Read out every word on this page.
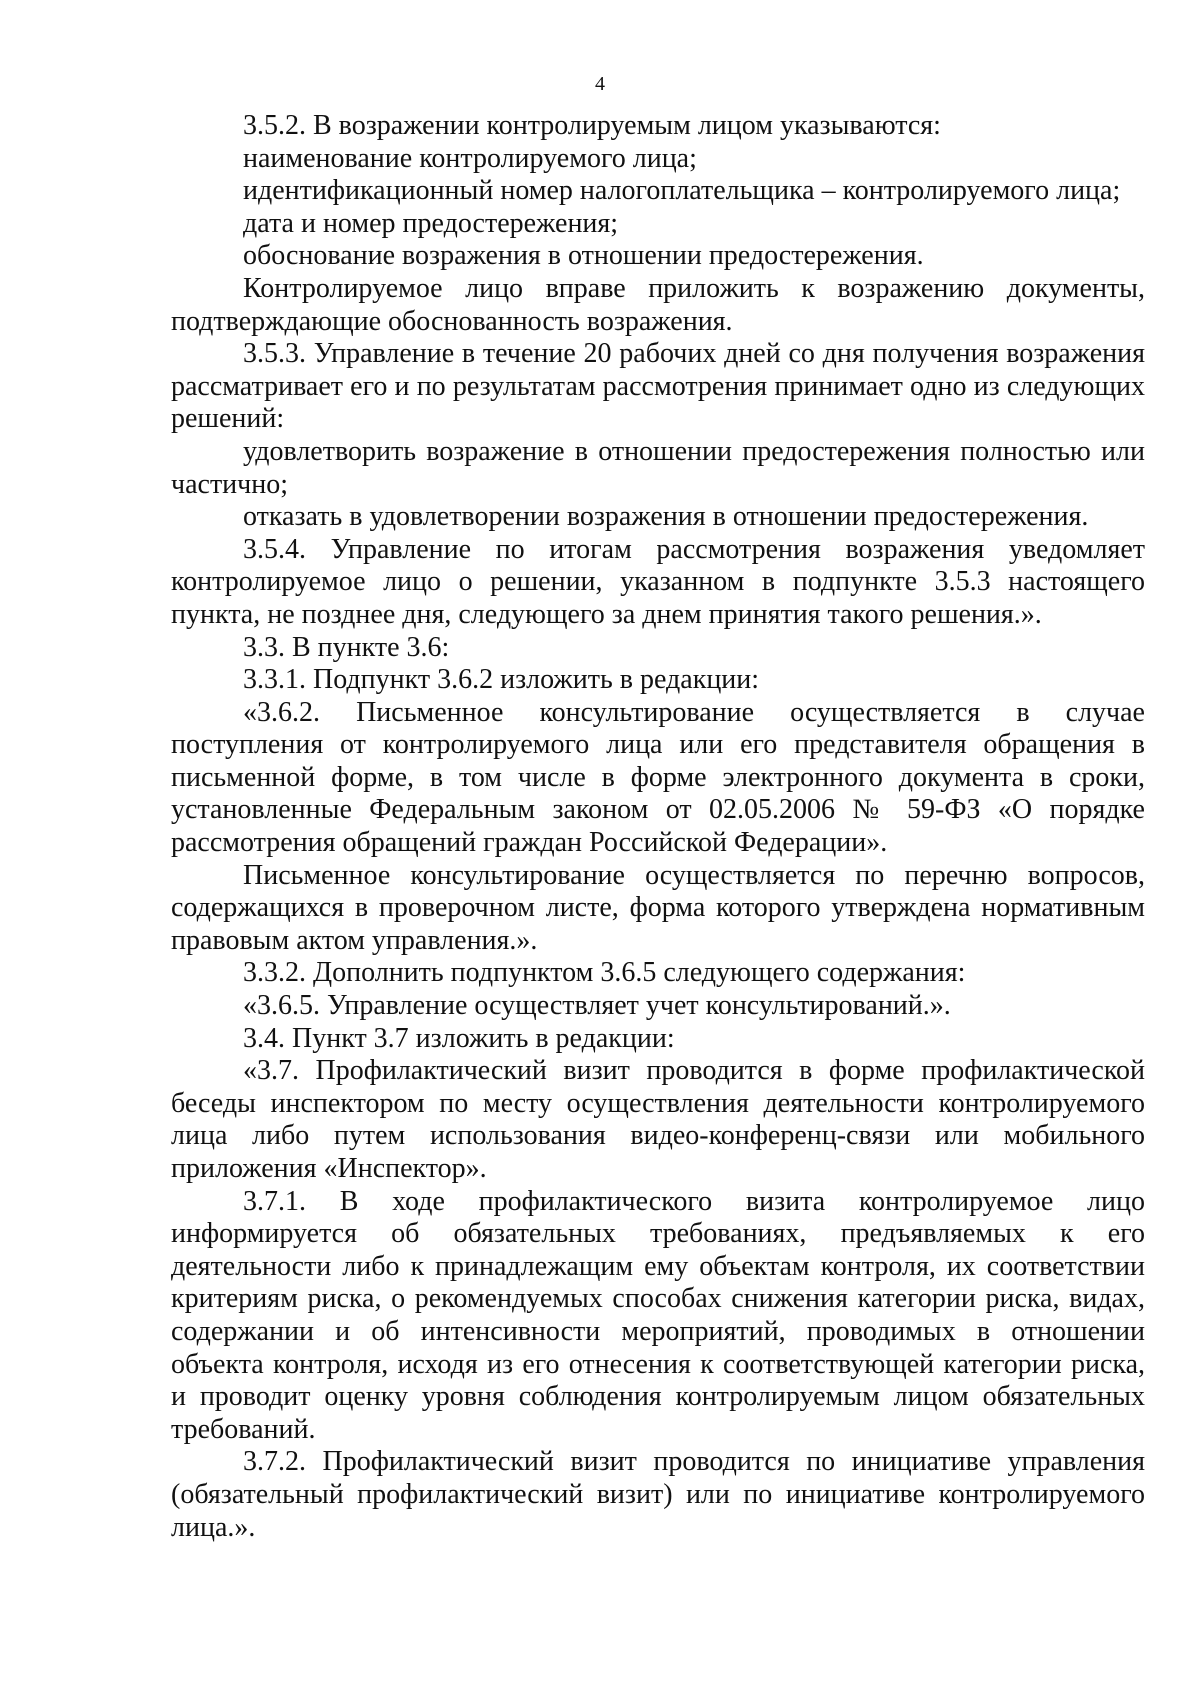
4

3.5.2. В возражении контролируемым лицом указываются:

наименование контролируемого лица;

идентификационный номер налогоплательщика – контролируемого лица;

дата и номер предостережения;

обоснование возражения в отношении предостережения.

Контролируемое лицо вправе приложить к возражению документы, подтверждающие обоснованность возражения.

3.5.3. Управление в течение 20 рабочих дней со дня получения возражения рассматривает его и по результатам рассмотрения принимает одно из следующих решений:

удовлетворить возражение в отношении предостережения полностью или частично;

отказать в удовлетворении возражения в отношении предостережения.

3.5.4. Управление по итогам рассмотрения возражения уведомляет контролируемое лицо о решении, указанном в подпункте 3.5.3 настоящего пункта, не позднее дня, следующего за днем принятия такого решения.».

3.3. В пункте 3.6:

3.3.1. Подпункт 3.6.2 изложить в редакции:

«3.6.2. Письменное консультирование осуществляется в случае поступления от контролируемого лица или его представителя обращения в письменной форме, в том числе в форме электронного документа в сроки, установленные Федеральным законом от 02.05.2006 № 59-ФЗ «О порядке рассмотрения обращений граждан Российской Федерации».

Письменное консультирование осуществляется по перечню вопросов, содержащихся в проверочном листе, форма которого утверждена нормативным правовым актом управления.».

3.3.2. Дополнить подпунктом 3.6.5 следующего содержания:

«3.6.5. Управление осуществляет учет консультирований.».

3.4. Пункт 3.7 изложить в редакции:

«3.7. Профилактический визит проводится в форме профилактической беседы инспектором по месту осуществления деятельности контролируемого лица либо путем использования видео-конференц-связи или мобильного приложения «Инспектор».

3.7.1. В ходе профилактического визита контролируемое лицо информируется об обязательных требованиях, предъявляемых к его деятельности либо к принадлежащим ему объектам контроля, их соответствии критериям риска, о рекомендуемых способах снижения категории риска, видах, содержании и об интенсивности мероприятий, проводимых в отношении объекта контроля, исходя из его отнесения к соответствующей категории риска, и проводит оценку уровня соблюдения контролируемым лицом обязательных требований.

3.7.2. Профилактический визит проводится по инициативе управления (обязательный профилактический визит) или по инициативе контролируемого лица.».
